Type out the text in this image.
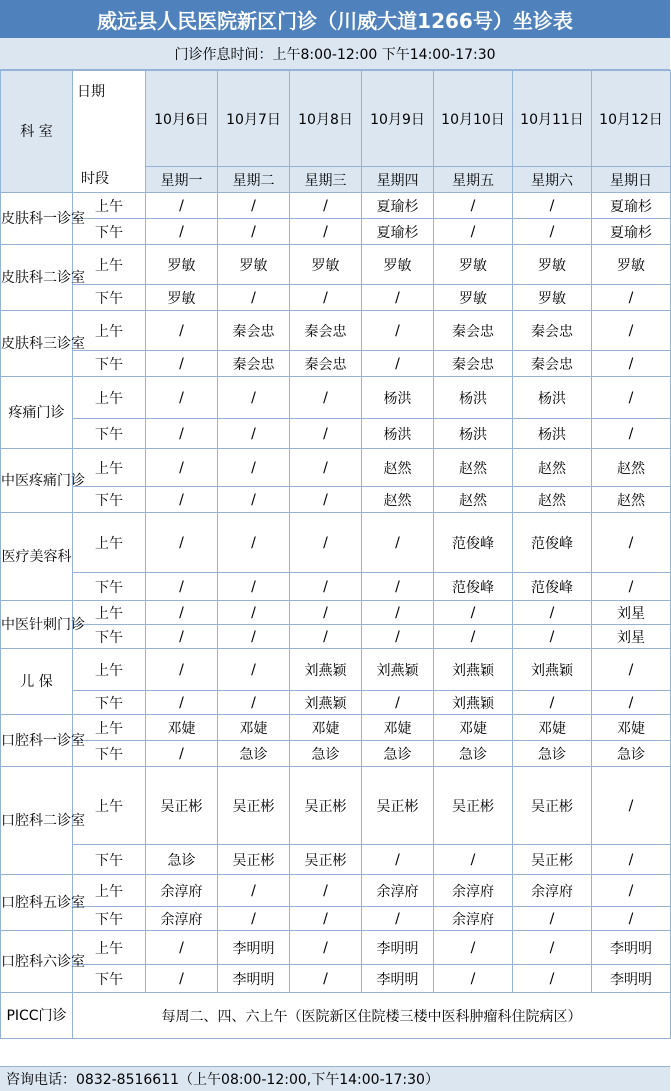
威远县人民医院新区门诊（川威大道1266号）坐诊表
门诊作息时间：上午8:00-12:00 下午14:00-17:30
科 室	日期
时段	10月6日	10月7日	10月8日	10月9日	10月10日	10月11日	10月12日
		星期一	星期二	星期三	星期四	星期五	星期六	星期日
皮肤科一诊室	上午	/	/	/	夏瑜杉	/	/	夏瑜杉
	下午	/	/	/	夏瑜杉	/	/	夏瑜杉
皮肤科二诊室	上午	罗敏	罗敏	罗敏	罗敏	罗敏	罗敏	罗敏
	下午	罗敏	/	/	/	罗敏	罗敏	/
皮肤科三诊室	上午	/	秦会忠	秦会忠	/	秦会忠	秦会忠	/
	下午	/	秦会忠	秦会忠	/	秦会忠	秦会忠	/
疼痛门诊	上午	/	/	/	杨洪	杨洪	杨洪	/
	下午	/	/	/	杨洪	杨洪	杨洪	/
中医疼痛门诊	上午	/	/	/	赵然	赵然	赵然	赵然
	下午	/	/	/	赵然	赵然	赵然	赵然
医疗美容科	上午	/	/	/	/	范俊峰	范俊峰	/
	下午	/	/	/	/	范俊峰	范俊峰	/
中医针刺门诊	上午	/	/	/	/	/	/	刘星
	下午	/	/	/	/	/	/	刘星
儿 保	上午	/	/	刘燕颖	刘燕颖	刘燕颖	刘燕颖	/
	下午	/	/	刘燕颖	/	刘燕颖	/	/
口腔科一诊室	上午	邓婕	邓婕	邓婕	邓婕	邓婕	邓婕	邓婕
	下午	/	急诊	急诊	急诊	急诊	急诊	急诊
口腔科二诊室	上午	吴正彬	吴正彬	吴正彬	吴正彬	吴正彬	吴正彬	/
	下午	急诊	吴正彬	吴正彬	/	/	吴正彬	/
口腔科五诊室	上午	余淳府	/	/	余淳府	余淳府	余淳府	/
	下午	余淳府	/	/	/	余淳府	/	/
口腔科六诊室	上午	/	李明明	/	李明明	/	/	李明明
	下午	/	李明明	/	李明明	/	/	李明明
PICC门诊	每周二、四、六上午（医院新区住院楼三楼中医科肿瘤科住院病区）							
咨询电话：0832-8516611（上午08:00-12:00,下午14:00-17:30）
